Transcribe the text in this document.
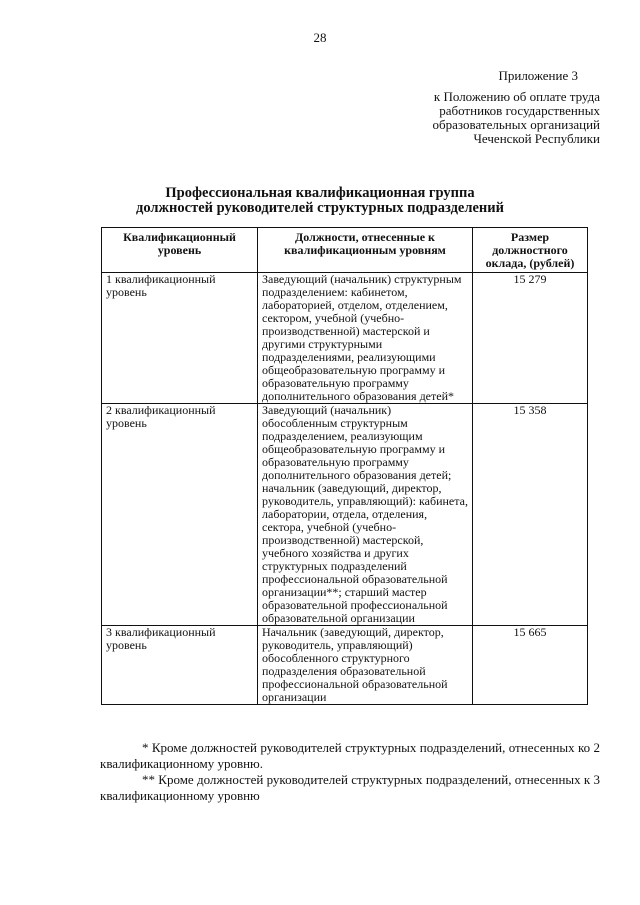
28
Приложение 3
к Положению об оплате труда
работников государственных
образовательных организаций
Чеченской Республики
Профессиональная квалификационная группа
должностей руководителей структурных подразделений
Квалификационный уровень	Должности, отнесенные к квалификационным уровням	Размер должностного оклада, (рублей)
1 квалификационный уровень	Заведующий (начальник) структурным подразделением: кабинетом, лабораторией, отделом, отделением, сектором, учебной (учебно-производственной) мастерской и другими структурными подразделениями, реализующими общеобразовательную программу и образовательную программу дополнительного образования детей*	15 279
2 квалификационный уровень	Заведующий (начальник) обособленным структурным подразделением, реализующим общеобразовательную программу и образовательную программу дополнительного образования детей; начальник (заведующий, директор, руководитель, управляющий): кабинета, лаборатории, отдела, отделения, сектора, учебной (учебно-производственной) мастерской, учебного хозяйства и других структурных подразделений профессиональной образовательной организации**; старший мастер образовательной профессиональной образовательной организации	15 358
3 квалификационный уровень	Начальник (заведующий, директор, руководитель, управляющий) обособленного структурного подразделения образовательной профессиональной образовательной организации	15 665

* Кроме должностей руководителей структурных подразделений, отнесенных ко 2 квалификационному уровню.

** Кроме должностей руководителей структурных подразделений, отнесенных к 3 квалификационному уровню
